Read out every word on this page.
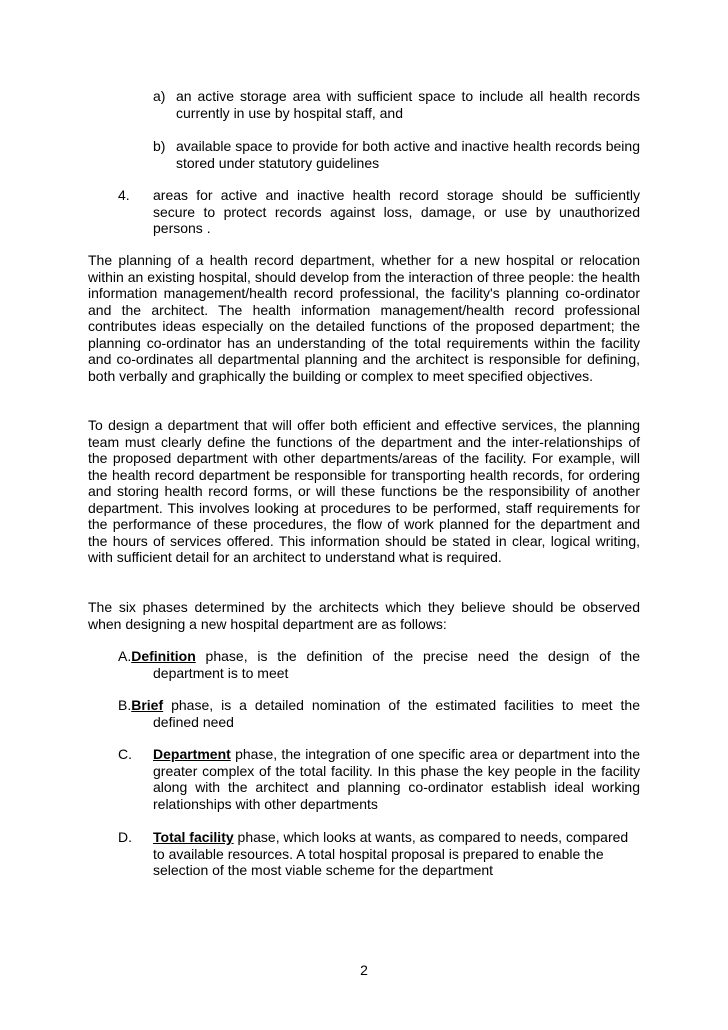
a) an active storage area with sufficient space to include all health records currently in use by hospital staff, and
b) available space to provide for both active and inactive health records being stored under statutory guidelines
4. areas for active and inactive health record storage should be sufficiently secure to protect records against loss, damage, or use by unauthorized persons .

The planning of a health record department, whether for a new hospital or relocation within an existing hospital, should develop from the interaction of three people: the health information management/health record professional, the facility's planning co-ordinator and the architect. The health information management/health record professional contributes ideas especially on the detailed functions of the proposed department; the planning co-ordinator has an understanding of the total requirements within the facility and co-ordinates all departmental planning and the architect is responsible for defining, both verbally and graphically the building or complex to meet specified objectives.

To design a department that will offer both efficient and effective services, the planning team must clearly define the functions of the department and the inter-relationships of the proposed department with other departments/areas of the facility. For example, will the health record department be responsible for transporting health records, for ordering and storing health record forms, or will these functions be the responsibility of another department. This involves looking at procedures to be performed, staff requirements for the performance of these procedures, the flow of work planned for the department and the hours of services offered. This information should be stated in clear, logical writing, with sufficient detail for an architect to understand what is required.

The six phases determined by the architects which they believe should be observed when designing a new hospital department are as follows:

A.Definition phase, is the definition of the precise need the design of the department is to meet
B.Brief phase, is a detailed nomination of the estimated facilities to meet the defined need
C. Department phase, the integration of one specific area or department into the greater complex of the total facility. In this phase the key people in the facility along with the architect and planning co-ordinator establish ideal working relationships with other departments
D. Total facility phase, which looks at wants, as compared to needs, compared to available resources. A total hospital proposal is prepared to enable the selection of the most viable scheme for the department
2
